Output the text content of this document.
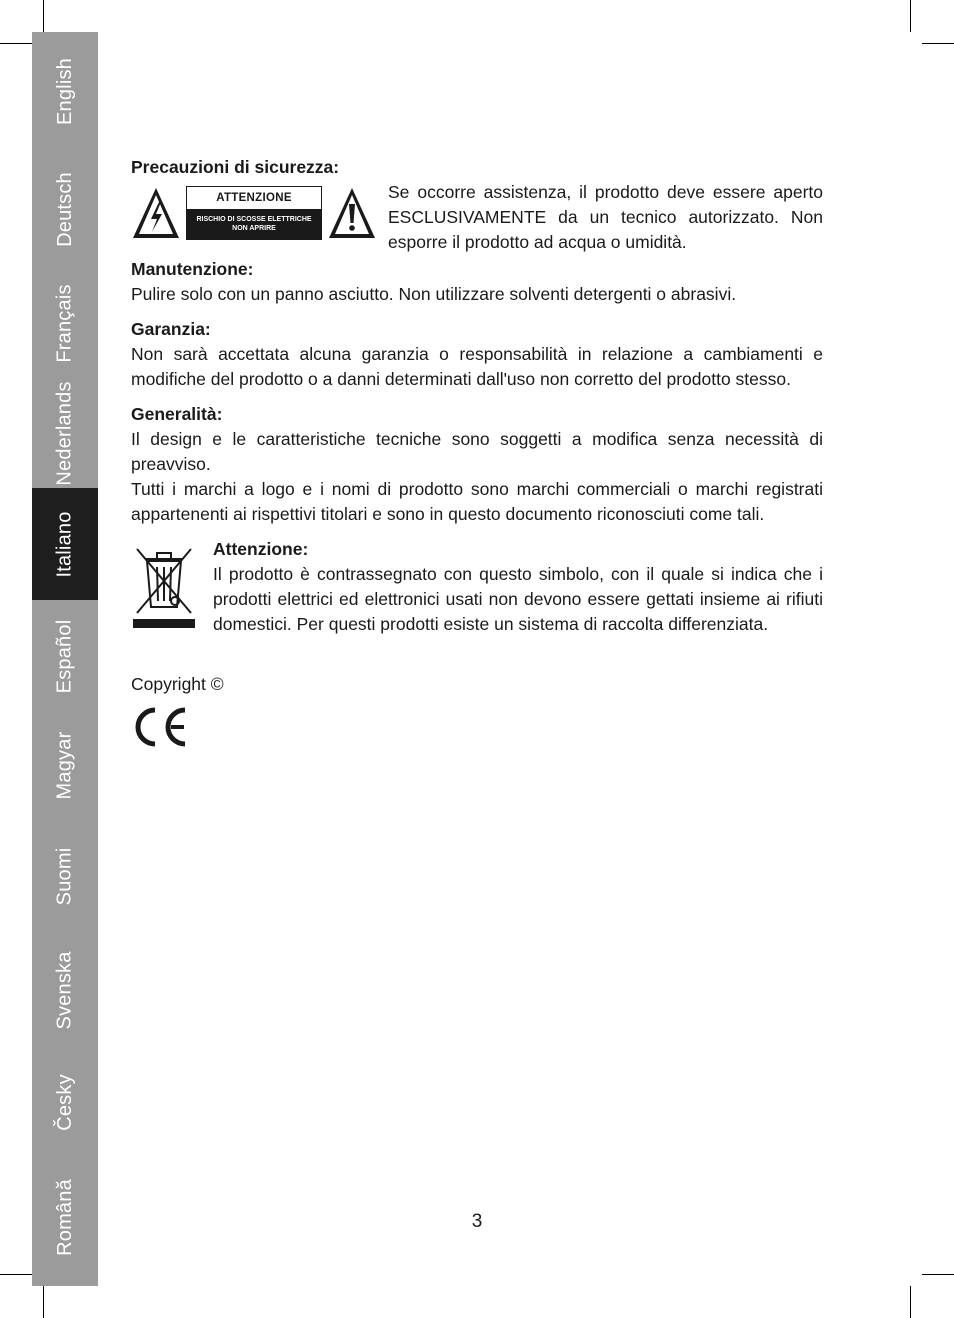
English
Deutsch
Français
Nederlands
Italiano
Español
Magyar
Suomi
Svenska
Česky
Română
Precauzioni di sicurezza:
ATTENZIONE
RISCHIO DI SCOSSE ELETTRICHE
NON APRIRE
Se occorre assistenza, il prodotto deve essere aperto ESCLUSIVAMENTE da un tecnico autorizzato. Non esporre il prodotto ad acqua o umidità.
Manutenzione:
Pulire solo con un panno asciutto. Non utilizzare solventi detergenti o abrasivi.
Garanzia:
Non sarà accettata alcuna garanzia o responsabilità in relazione a cambiamenti e modifiche del prodotto o a danni determinati dall'uso non corretto del prodotto stesso.
Generalità:
Il design e le caratteristiche tecniche sono soggetti a modifica senza necessità di preavviso.
Tutti i marchi a logo e i nomi di prodotto sono marchi commerciali o marchi registrati appartenenti ai rispettivi titolari e sono in questo documento riconosciuti come tali.
Attenzione:
Il prodotto è contrassegnato con questo simbolo, con il quale si indica che i prodotti elettrici ed elettronici usati non devono essere gettati insieme ai rifiuti domestici. Per questi prodotti esiste un sistema di raccolta differenziata.
Copyright ©
3
